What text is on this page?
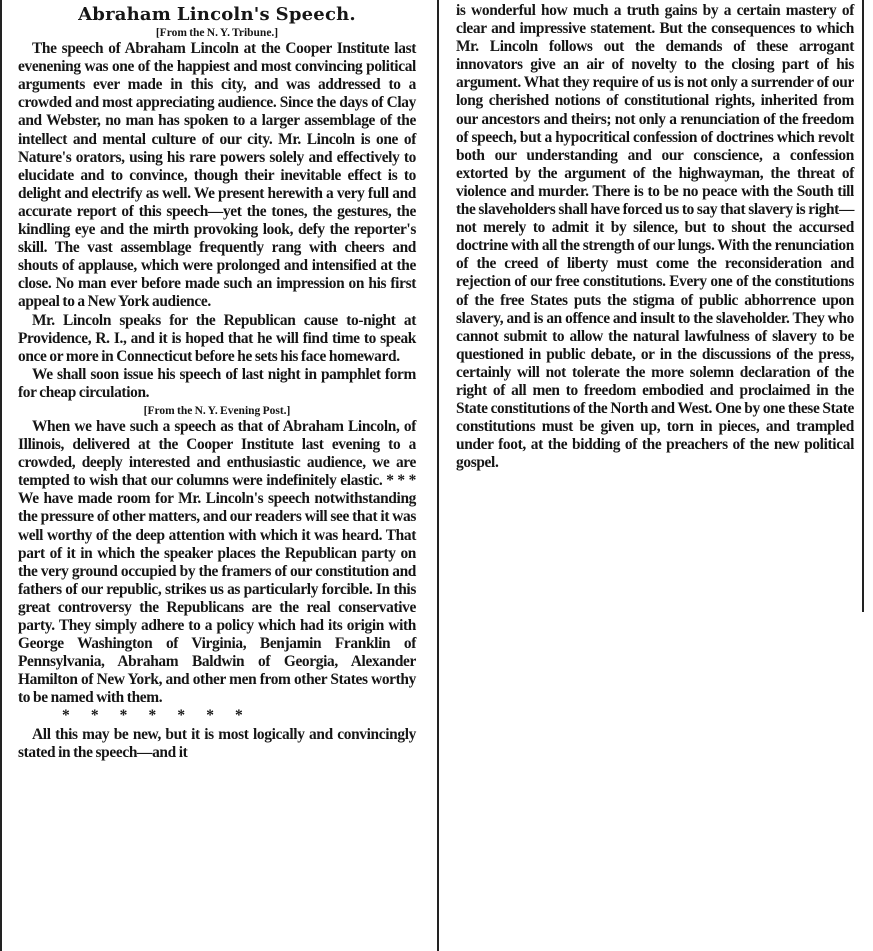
Abraham Lincoln's Speech.
[From the N. Y. Tribune.]

The speech of Abraham Lincoln at the Cooper Institute last evenening was one of the happiest and most convincing political arguments ever made in this city, and was addressed to a crowded and most appreciating audience. Since the days of Clay and Webster, no man has spoken to a larger assemblage of the intellect and mental culture of our city. Mr. Lincoln is one of Nature's orators, using his rare powers solely and effectively to elucidate and to convince, though their inevitable effect is to delight and electrify as well. We present herewith a very full and accurate report of this speech—yet the tones, the gestures, the kindling eye and the mirth provoking look, defy the reporter's skill. The vast assemblage frequently rang with cheers and shouts of applause, which were prolonged and intensified at the close. No man ever before made such an impression on his first appeal to a New York audience.

Mr. Lincoln speaks for the Republican cause to-night at Providence, R. I., and it is hoped that he will find time to speak once or more in Connecticut before he sets his face homeward.

We shall soon issue his speech of last night in pamphlet form for cheap circulation.

[From the N. Y. Evening Post.]

When we have such a speech as that of Abraham Lincoln, of Illinois, delivered at the Cooper Institute last evening to a crowded, deeply interested and enthusiastic audience, we are tempted to wish that our columns were indefinitely elastic. * * * We have made room for Mr. Lincoln's speech notwithstanding the pressure of other matters, and our readers will see that it was well worthy of the deep attention with which it was heard. That part of it in which the speaker places the Republican party on the very ground occupied by the framers of our constitution and fathers of our republic, strikes us as particularly forcible. In this great controversy the Republicans are the real conservative party. They simply adhere to a policy which had its origin with George Washington of Virginia, Benjamin Franklin of Pennsylvania, Abraham Baldwin of Georgia, Alexander Hamilton of New York, and other men from other States worthy to be named with them.

* * * * * * *

All this may be new, but it is most logically and convincingly stated in the speech—and it

is wonderful how much a truth gains by a certain mastery of clear and impressive statement. But the consequences to which Mr. Lincoln follows out the demands of these arrogant innovators give an air of novelty to the closing part of his argument. What they require of us is not only a surrender of our long cherished notions of constitutional rights, inherited from our ancestors and theirs; not only a renunciation of the freedom of speech, but a hypocritical confession of doctrines which revolt both our understanding and our conscience, a confession extorted by the argument of the highwayman, the threat of violence and murder. There is to be no peace with the South till the slaveholders shall have forced us to say that slavery is right—not merely to admit it by silence, but to shout the accursed doctrine with all the strength of our lungs. With the renunciation of the creed of liberty must come the reconsideration and rejection of our free constitutions. Every one of the constitutions of the free States puts the stigma of public abhorrence upon slavery, and is an offence and insult to the slaveholder. They who cannot submit to allow the natural lawfulness of slavery to be questioned in public debate, or in the discussions of the press, certainly will not tolerate the more solemn declaration of the right of all men to freedom embodied and proclaimed in the State constitutions of the North and West. One by one these State constitutions must be given up, torn in pieces, and trampled under foot, at the bidding of the preachers of the new political gospel.
